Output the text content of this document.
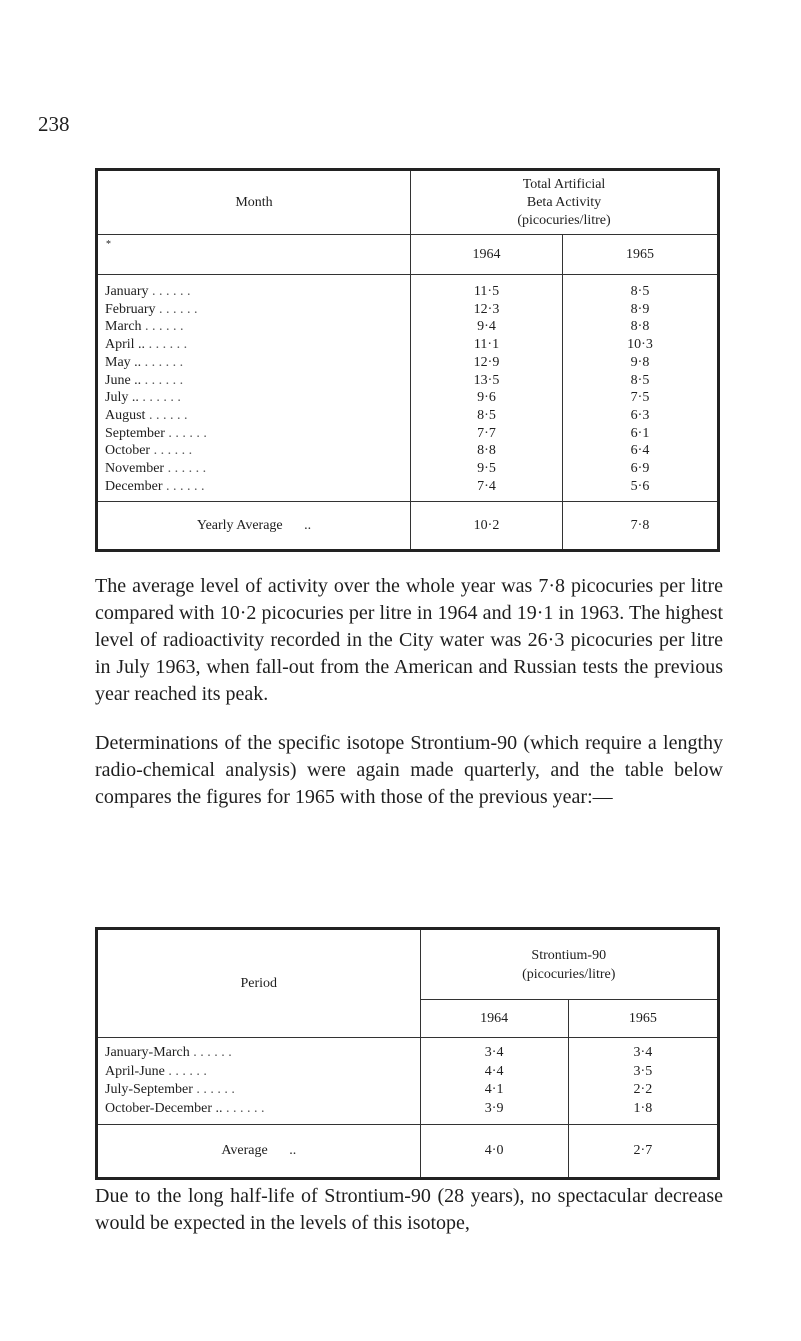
238
Month	Total Artificial
Beta Activity
(picocuries/litre)	

*	1964	1965
January . . . . . .	11·5	8·5
February . . . . . .	12·3	8·9
March . . . . . .	9·4	8·8
April .. . . . . . .	11·1	10·3
May .. . . . . . .	12·9	9·8
June .. . . . . . .	13·5	8·5
July .. . . . . . .	9·6	7·5
August . . . . . .	8·5	6·3
September . . . . . .	7·7	6·1
October . . . . . .	8·8	6·4
November . . . . . .	9·5	6·9
December . . . . . .	7·4	5·6
Yearly Average ..	10·2	7·8

The average level of activity over the whole year was 7·8 picocuries per litre compared with 10·2 picocuries per litre in 1964 and 19·1 in 1963. The highest level of radioactivity recorded in the City water was 26·3 picocuries per litre in July 1963, when fall-out from the American and Russian tests the previous year reached its peak.

Determinations of the specific isotope Strontium-90 (which require a lengthy radio-chemical analysis) were again made quarterly, and the table below compares the figures for 1965 with those of the previous year:—

Period	Strontium-90
(picocuries/litre)	

	1964	1965
January-March . . . . . .	3·4	3·4
April-June . . . . . .	4·4	3·5
July-September . . . . . .	4·1	2·2
October-December .. . . . . . .	3·9	1·8
Average ..	4·0	2·7

Due to the long half-life of Strontium-90 (28 years), no spectacular decrease would be expected in the levels of this isotope,
